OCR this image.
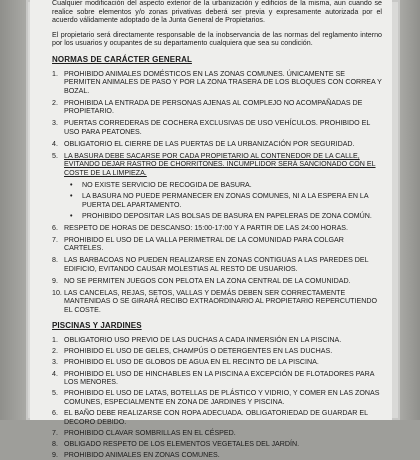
Cualquier modificación del aspecto exterior de la urbanización y edificios de la misma, aun cuando se realice sobre elementos y/o zonas privativas deberá ser previa y expresamente autorizada por el acuerdo válidamente adoptado de la Junta General de Propietarios.

El propietario será directamente responsable de la inobservancia de las normas del reglamento interno por los usuarios y ocupantes de su departamento cualquiera que sea su condición.

NORMAS DE CARÁCTER GENERAL
1. PROHIBIDO ANIMALES DOMÉSTICOS EN LAS ZONAS COMUNES. ÚNICAMENTE SE PERMITEN ANIMALES DE PASO Y POR LA ZONA TRASERA DE LOS BLOQUES CON CORREA Y BOZAL.
2. PROHIBIDA LA ENTRADA DE PERSONAS AJENAS AL COMPLEJO NO ACOMPAÑADAS DE PROPIETARIO.
3. PUERTAS CORREDERAS DE COCHERA EXCLUSIVAS DE USO VEHÍCULOS. PROHIBIDO EL USO PARA PEATONES.
4. OBLIGATORIO EL CIERRE DE LAS PUERTAS DE LA URBANIZACIÓN POR SEGURIDAD.
5. LA BASURA DEBE SACARSE POR CADA PROPIETARIO AL CONTENEDOR DE LA CALLE, EVITANDO DEJAR RASTRO DE CHORRITONES. INCUMPLIDOR SERÁ SANCIONADO CON EL COSTE DE LA LIMPIEZA.
•	NO EXISTE SERVICIO DE RECOGIDA DE BASURA.
•	LA BASURA NO PUEDE PERMANECER EN ZONAS COMUNES, NI A LA ESPERA EN LA PUERTA DEL APARTAMENTO.
•	PROHIBIDO DEPOSITAR LAS BOLSAS DE BASURA EN PAPELERAS DE ZONA COMÚN.
6. RESPETO DE HORAS DE DESCANSO: 15:00-17:00 Y A PARTIR DE LAS 24:00 HORAS.
7. PROHIBIDO EL USO DE LA VALLA PERIMETRAL DE LA COMUNIDAD PARA COLGAR CARTELES.
8. LAS BARBACOAS NO PUEDEN REALIZARSE EN ZONAS CONTIGUAS A LAS PAREDES DEL EDIFICIO, EVITANDO CAUSAR MOLESTIAS AL RESTO DE USUARIOS.
9. NO SE PERMITEN JUEGOS CON PELOTA EN LA ZONA CENTRAL DE LA COMUNIDAD.
10. LAS CANCELAS, REJAS, SETOS, VALLAS Y DEMÁS DEBEN SER CORRECTAMENTE MANTENIDAS O SE GIRARÁ RECIBO EXTRAORDINARIO AL PROPIETARIO REPERCUTIENDO EL COSTE.
PISCINAS Y JARDINES
1. OBLIGATORIO USO PREVIO DE LAS DUCHAS A CADA INMERSIÓN EN LA PISCINA.
2. PROHIBIDO EL USO DE GELES, CHAMPÚS O DETERGENTES EN LAS DUCHAS.
3. PROHIBIDO EL USO DE GLOBOS DE AGUA EN EL RECINTO DE LA PISCINA.
4. PROHIBIDO EL USO DE HINCHABLES EN LA PISCINA A EXCEPCIÓN DE FLOTADORES PARA LOS MENORES.
5. PROHIBIDO EL USO DE LATAS, BOTELLAS DE PLÁSTICO Y VIDRIO, Y COMER EN LAS ZONAS COMUNES, ESPECIALMENTE EN ZONA DE JARDINES Y PISCINA.
6. EL BAÑO DEBE REALIZARSE CON ROPA ADECUADA. OBLIGATORIEDAD DE GUARDAR EL DECORO DEBIDO.
7. PROHIBIDO CLAVAR SOMBRILLAS EN EL CÉSPED.
8. OBLIGADO RESPETO DE LOS ELEMENTOS VEGETALES DEL JARDÍN.
9. PROHIBIDO ANIMALES EN ZONAS COMUNES.
